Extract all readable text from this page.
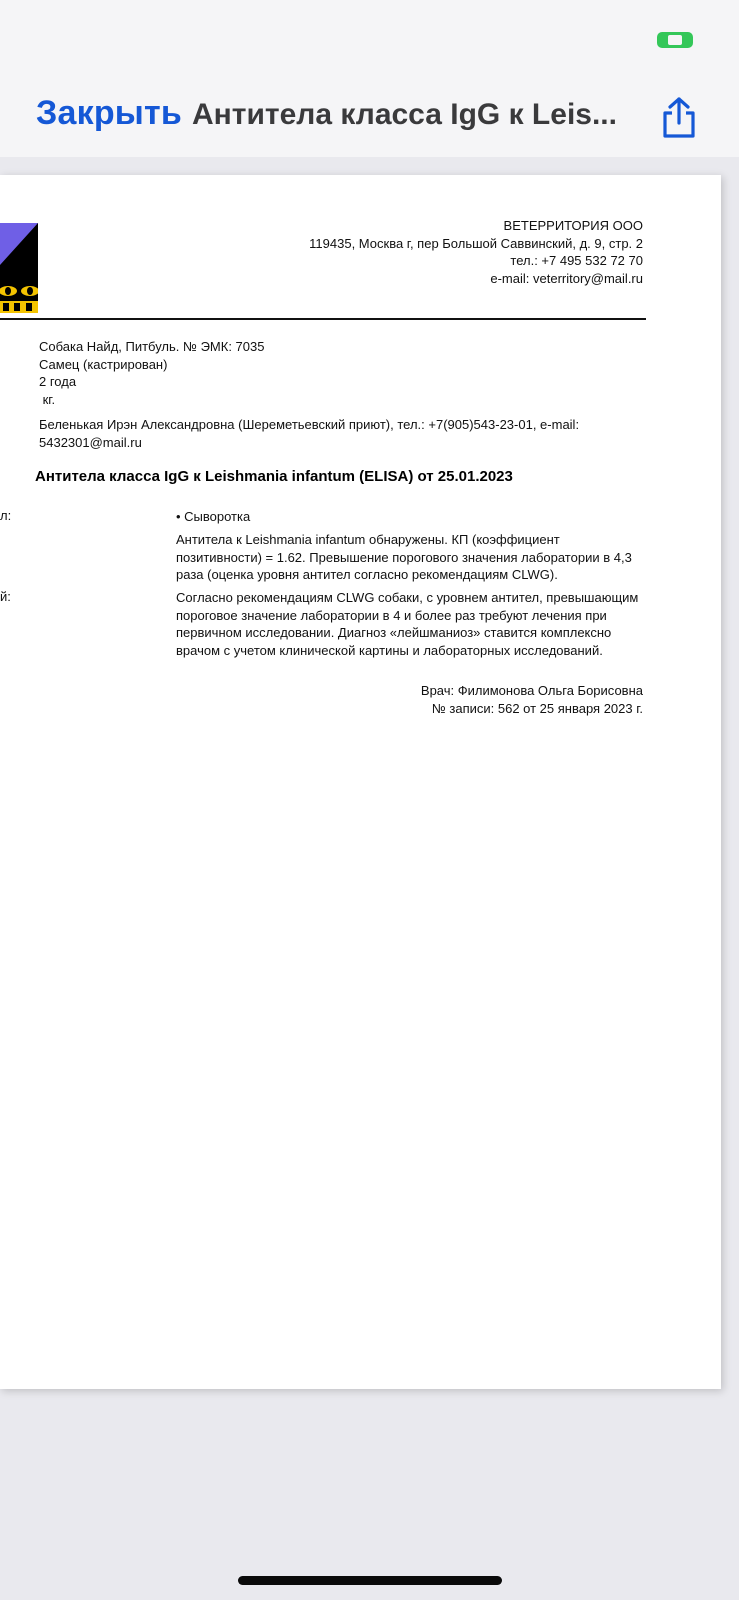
Закрыть Антитела класса IgG к Leis...
ВЕТЕРРИТОРИЯ ООО
119435, Москва г, пер Большой Саввинский, д. 9, стр. 2
тел.: +7 495 532 72 70
e-mail: veterritory@mail.ru
Собака Найд, Питбуль. № ЭМК: 7035
Самец (кастрирован)
2 года
кг.
Беленькая Ирэн Александровна (Шереметьевский приют), тел.: +7(905)543-23-01, e-mail: 5432301@mail.ru
Антитела класса IgG к Leishmania infantum (ELISA) от 25.01.2023
л:	• Сыворотка
Антитела к Leishmania infantum обнаружены. КП (коэффициент позитивности) = 1.62. Превышение порогового значения лаборатории в 4,3 раза (оценка уровня антител согласно рекомендациям CLWG).
й:	Согласно рекомендациям CLWG собаки, с уровнем антител, превышающим пороговое значение лаборатории в 4 и более раз требуют лечения при первичном исследовании. Диагноз «лейшманиоз» ставится комплексно врачом с учетом клинической картины и лабораторных исследований.
Врач: Филимонова Ольга Борисовна
№ записи: 562 от 25 января 2023 г.
